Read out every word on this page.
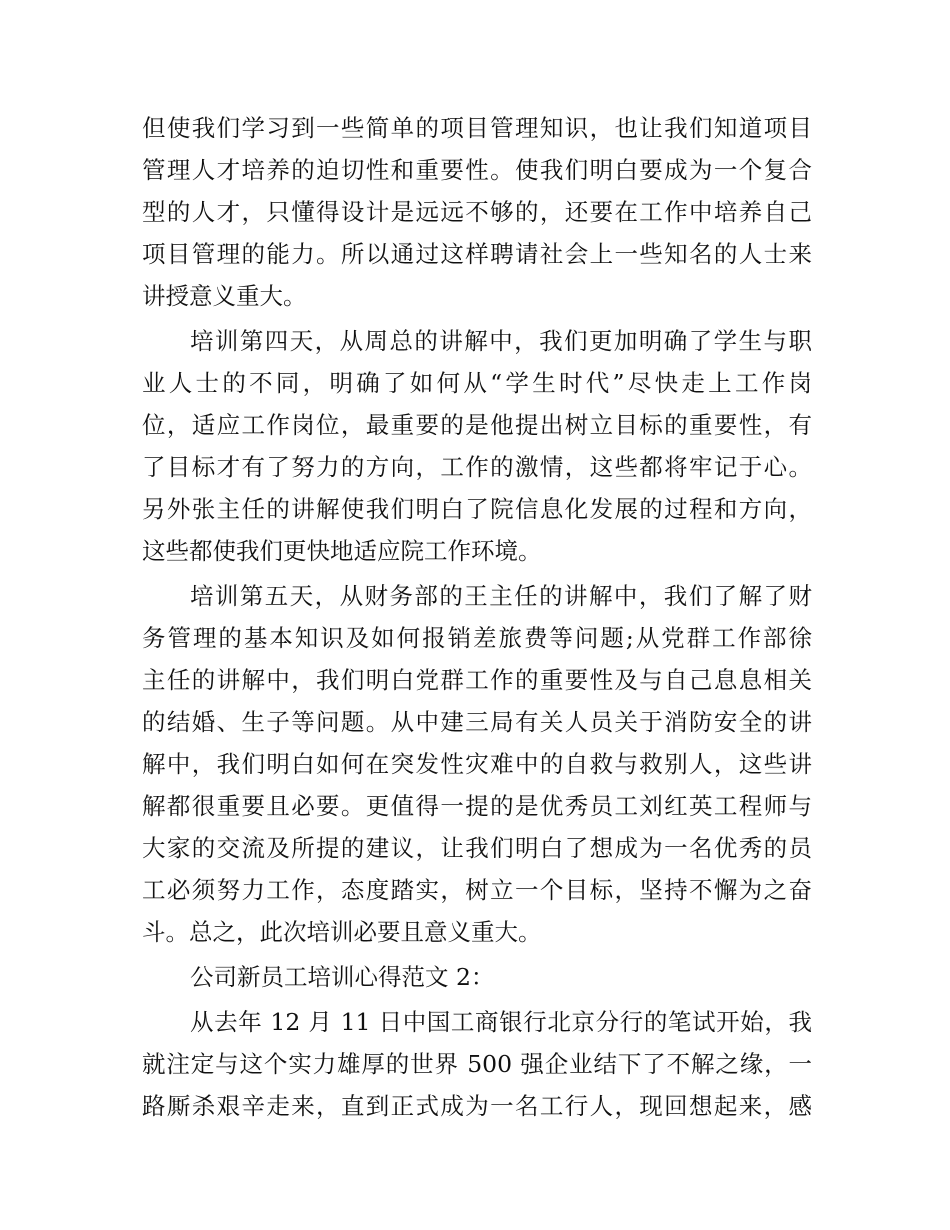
但使我们学习到一些简单的项目管理知识，也让我们知道项目
管理人才培养的迫切性和重要性。使我们明白要成为一个复合
型的人才，只懂得设计是远远不够的，还要在工作中培养自己
项目管理的能力。所以通过这样聘请社会上一些知名的人士来
讲授意义重大。
培训第四天，从周总的讲解中，我们更加明确了学生与职
业人士的不同，明确了如何从“学生时代”尽快走上工作岗
位，适应工作岗位，最重要的是他提出树立目标的重要性，有
了目标才有了努力的方向，工作的激情，这些都将牢记于心。
另外张主任的讲解使我们明白了院信息化发展的过程和方向，
这些都使我们更快地适应院工作环境。
培训第五天，从财务部的王主任的讲解中，我们了解了财
务管理的基本知识及如何报销差旅费等问题;从党群工作部徐
主任的讲解中，我们明白党群工作的重要性及与自己息息相关
的结婚、生子等问题。从中建三局有关人员关于消防安全的讲
解中，我们明白如何在突发性灾难中的自救与救别人，这些讲
解都很重要且必要。更值得一提的是优秀员工刘红英工程师与
大家的交流及所提的建议，让我们明白了想成为一名优秀的员
工必须努力工作，态度踏实，树立一个目标，坚持不懈为之奋
斗。总之，此次培训必要且意义重大。
公司新员工培训心得范文 2：
从去年 12 月 11 日中国工商银行北京分行的笔试开始，我
就注定与这个实力雄厚的世界 500 强企业结下了不解之缘，一
路厮杀艰辛走来，直到正式成为一名工行人，现回想起来，感
